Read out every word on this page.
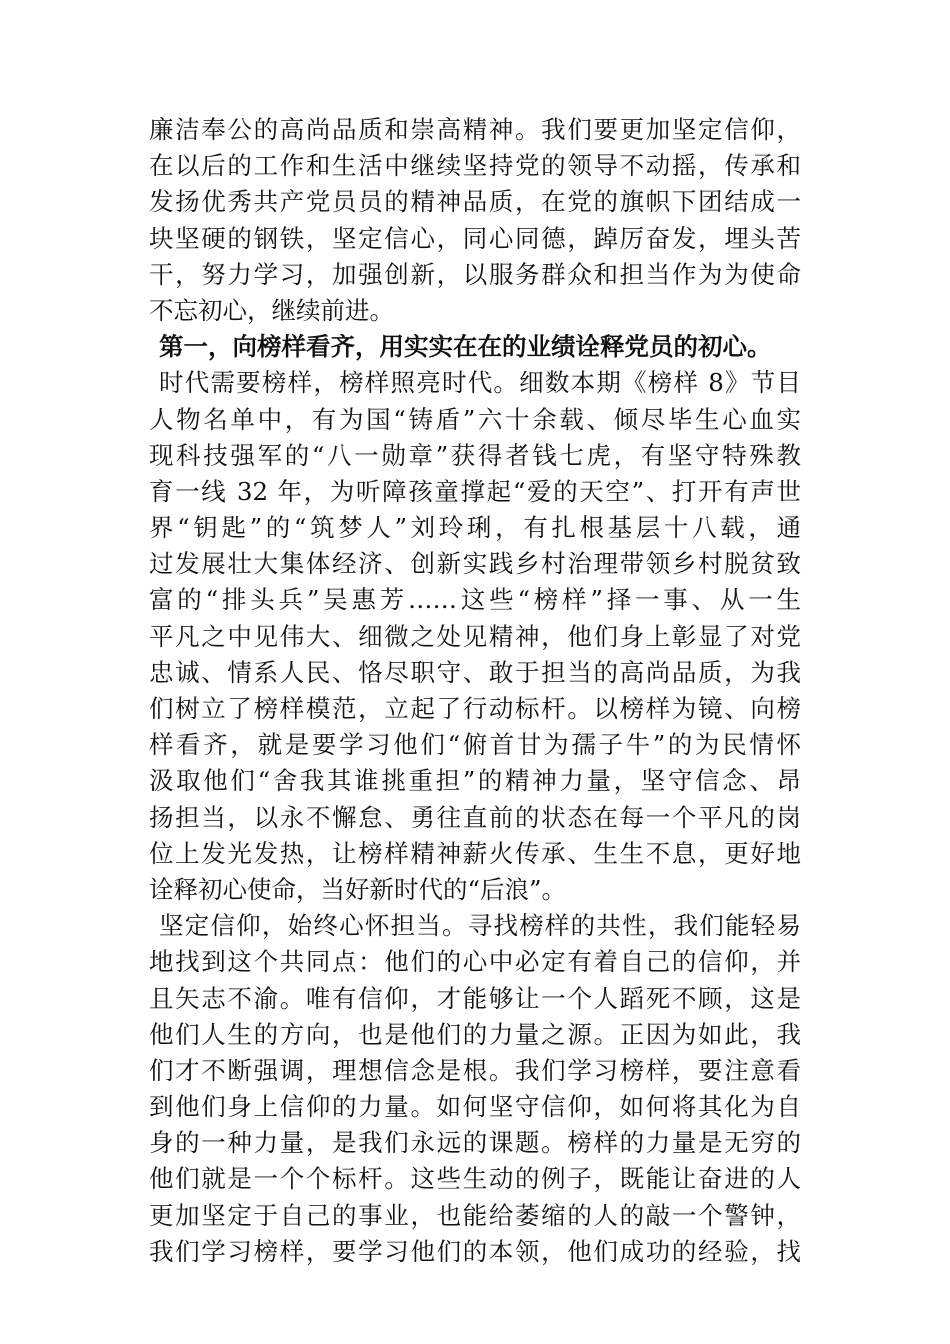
廉洁奉公的高尚品质和崇高精神。我们要更加坚定信仰，
在以后的工作和生活中继续坚持党的领导不动摇，传承和
发扬优秀共产党员员的精神品质，在党的旗帜下团结成一
块坚硬的钢铁，坚定信心，同心同德，踔厉奋发，埋头苦
干，努力学习，加强创新，以服务群众和担当作为为使命
不忘初心，继续前进。
第一，向榜样看齐，用实实在在的业绩诠释党员的初心。
时代需要榜样，榜样照亮时代。细数本期《榜样 8》节目
人物名单中，有为国“铸盾”六十余载、倾尽毕生心血实
现科技强军的“八一勋章”获得者钱七虎，有坚守特殊教
育一线 32 年，为听障孩童撑起“爱的天空”、打开有声世
界“钥匙”的“筑梦人”刘玲琍，有扎根基层十八载，通
过发展壮大集体经济、创新实践乡村治理带领乡村脱贫致
富的“排头兵”吴惠芳……这些“榜样”择一事、从一生
平凡之中见伟大、细微之处见精神，他们身上彰显了对党
忠诚、情系人民、恪尽职守、敢于担当的高尚品质，为我
们树立了榜样模范，立起了行动标杆。以榜样为镜、向榜
样看齐，就是要学习他们“俯首甘为孺子牛”的为民情怀
汲取他们“舍我其谁挑重担”的精神力量，坚守信念、昂
扬担当，以永不懈怠、勇往直前的状态在每一个平凡的岗
位上发光发热，让榜样精神薪火传承、生生不息，更好地
诠释初心使命，当好新时代的“后浪”。
坚定信仰，始终心怀担当。寻找榜样的共性，我们能轻易
地找到这个共同点：他们的心中必定有着自己的信仰，并
且矢志不渝。唯有信仰，才能够让一个人蹈死不顾，这是
他们人生的方向，也是他们的力量之源。正因为如此，我
们才不断强调，理想信念是根。我们学习榜样，要注意看
到他们身上信仰的力量。如何坚守信仰，如何将其化为自
身的一种力量，是我们永远的课题。榜样的力量是无穷的
他们就是一个个标杆。这些生动的例子，既能让奋进的人
更加坚定于自己的事业，也能给萎缩的人的敲一个警钟，
我们学习榜样，要学习他们的本领，他们成功的经验，找
